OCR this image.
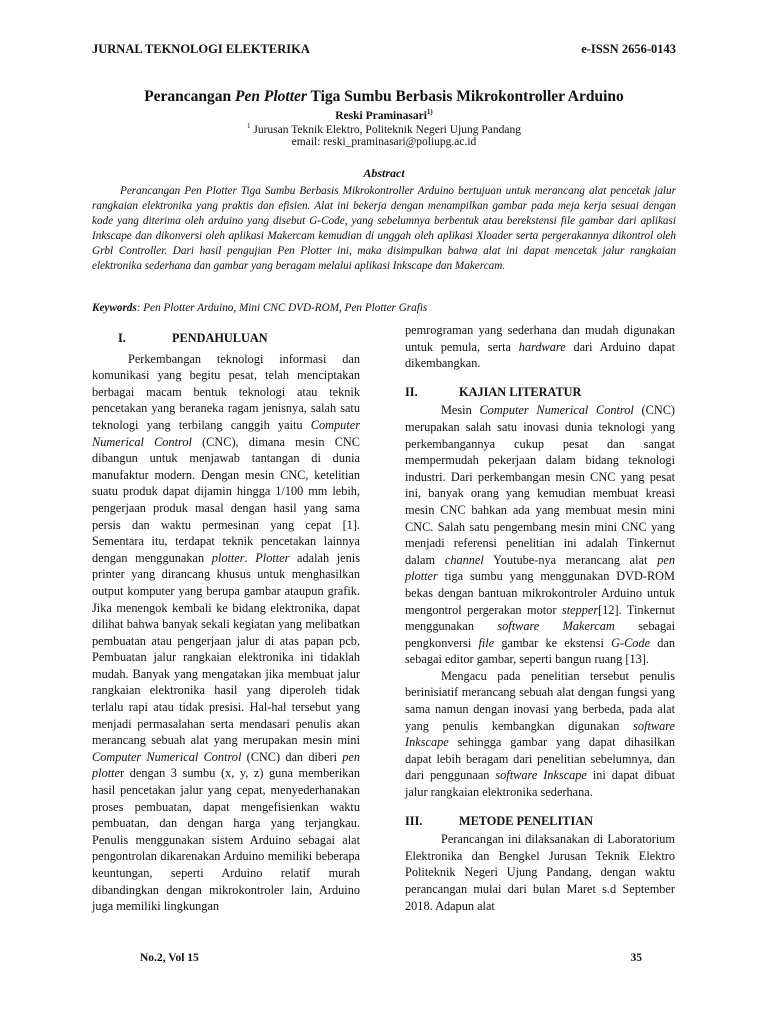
JURNAL TEKNOLOGI ELEKTERIKA	e-ISSN 2656-0143
Perancangan Pen Plotter Tiga Sumbu Berbasis Mikrokontroller Arduino
Reski Praminasari$^{1)}$
$^1$ Jurusan Teknik Elektro, Politeknik Negeri Ujung Pandang
email: reski_praminasari@poliupg.ac.id
Abstract
Perancangan Pen Plotter Tiga Sumbu Berbasis Mikrokontroller Arduino bertujuan untuk merancang alat pencetak jalur rangkaian elektronika yang praktis dan efisien. Alat ini bekerja dengan menampilkan gambar pada meja kerja sesuai dengan kode yang diterima oleh arduino yang disebut G-Code, yang sebelumnya berbentuk atau berekstensi file gambar dari aplikasi Inkscape dan dikonversi oleh aplikasi Makercam kemudian di unggah oleh aplikasi Xloader serta pergerakannya dikontrol oleh Grbl Controller. Dari hasil pengujian Pen Plotter ini, maka disimpulkan bahwa alat ini dapat mencetak jalur rangkaian elektronika sederhana dan gambar yang beragam melalui aplikasi Inkscape dan Makercam.
Keywords: Pen Plotter Arduino, Mini CNC DVD-ROM, Pen Plotter Grafis
I.	PENDAHULUAN

Perkembangan teknologi informasi dan komunikasi yang begitu pesat, telah menciptakan berbagai macam bentuk teknologi atau teknik pencetakan yang beraneka ragam jenisnya, salah satu teknologi yang terbilang canggih yaitu Computer Numerical Control (CNC), dimana mesin CNC dibangun untuk menjawab tantangan di dunia manufaktur modern. Dengan mesin CNC, ketelitian suatu produk dapat dijamin hingga 1/100 mm lebih, pengerjaan produk masal dengan hasil yang sama persis dan waktu permesinan yang cepat [1]. Sementara itu, terdapat teknik pencetakan lainnya dengan menggunakan plotter. Plotter adalah jenis printer yang dirancang khusus untuk menghasilkan output komputer yang berupa gambar ataupun grafik. Jika menengok kembali ke bidang elektronika, dapat dilihat bahwa banyak sekali kegiatan yang melibatkan pembuatan atau pengerjaan jalur di atas papan pcb, Pembuatan jalur rangkaian elektronika ini tidaklah mudah. Banyak yang mengatakan jika membuat jalur rangkaian elektronika hasil yang diperoleh tidak terlalu rapi atau tidak presisi. Hal-hal tersebut yang menjadi permasalahan serta mendasari penulis akan merancang sebuah alat yang merupakan mesin mini Computer Numerical Control (CNC) dan diberi pen plotter dengan 3 sumbu (x, y, z) guna memberikan hasil pencetakan jalur yang cepat, menyederhanakan proses pembuatan, dapat mengefisienkan waktu pembuatan, dan dengan harga yang terjangkau. Penulis menggunakan sistem Arduino sebagai alat pengontrolan dikarenakan Arduino memiliki beberapa keuntungan, seperti Arduino relatif murah dibandingkan dengan mikrokontroler lain, Arduino juga memiliki lingkungan

pemrograman yang sederhana dan mudah digunakan untuk pemula, serta hardware dari Arduino dapat dikembangkan.

II.	KAJIAN LITERATUR

Mesin Computer Numerical Control (CNC) merupakan salah satu inovasi dunia teknologi yang perkembangannya cukup pesat dan sangat mempermudah pekerjaan dalam bidang teknologi industri. Dari perkembangan mesin CNC yang pesat ini, banyak orang yang kemudian membuat kreasi mesin CNC bahkan ada yang membuat mesin mini CNC. Salah satu pengembang mesin mini CNC yang menjadi referensi penelitian ini adalah Tinkernut dalam channel Youtube-nya merancang alat pen plotter tiga sumbu yang menggunakan DVD-ROM bekas dengan bantuan mikrokontroler Arduino untuk mengontrol pergerakan motor stepper[12]. Tinkernut menggunakan software Makercam sebagai pengkonversi file gambar ke ekstensi G-Code dan sebagai editor gambar, seperti bangun ruang [13].

Mengacu pada penelitian tersebut penulis berinisiatif merancang sebuah alat dengan fungsi yang sama namun dengan inovasi yang berbeda, pada alat yang penulis kembangkan digunakan software Inkscape sehingga gambar yang dapat dihasilkan dapat lebih beragam dari penelitian sebelumnya, dan dari penggunaan software Inkscape ini dapat dibuat jalur rangkaian elektronika sederhana.

III.	METODE PENELITIAN

Perancangan ini dilaksanakan di Laboratorium Elektronika dan Bengkel Jurusan Teknik Elektro Politeknik Negeri Ujung Pandang, dengan waktu perancangan mulai dari bulan Maret s.d September 2018. Adapun alat

No.2, Vol 15	35
